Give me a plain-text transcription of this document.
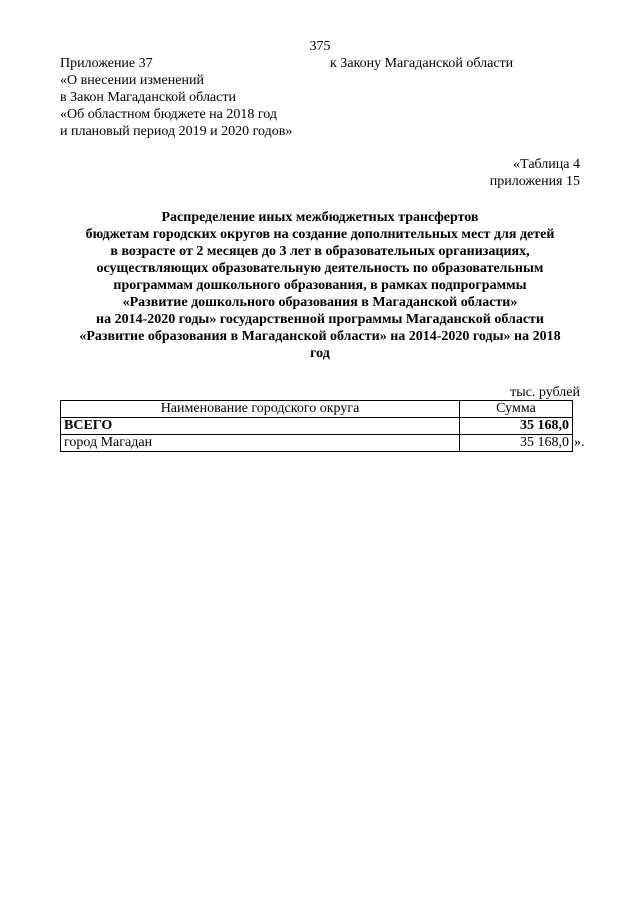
375
Приложение 37
«О внесении изменений
в Закон Магаданской области
«Об областном бюджете на 2018 год
и плановый период 2019 и 2020 годов»
к Закону Магаданской области
«Таблица 4
приложения 15
Распределение иных межбюджетных трансфертов
бюджетам городских округов на создание дополнительных мест для детей
в возрасте от 2 месяцев до 3 лет в образовательных организациях,
осуществляющих образовательную деятельность по образовательным
программам дошкольного образования, в рамках подпрограммы
«Развитие дошкольного образования в Магаданской области»
на 2014-2020 годы» государственной программы Магаданской области
«Развитие образования в Магаданской области» на 2014-2020 годы» на 2018
год
тыс. рублей
Наименование городского округа	Сумма
ВСЕГО	35 168,0
город Магадан	35 168,0 ».
